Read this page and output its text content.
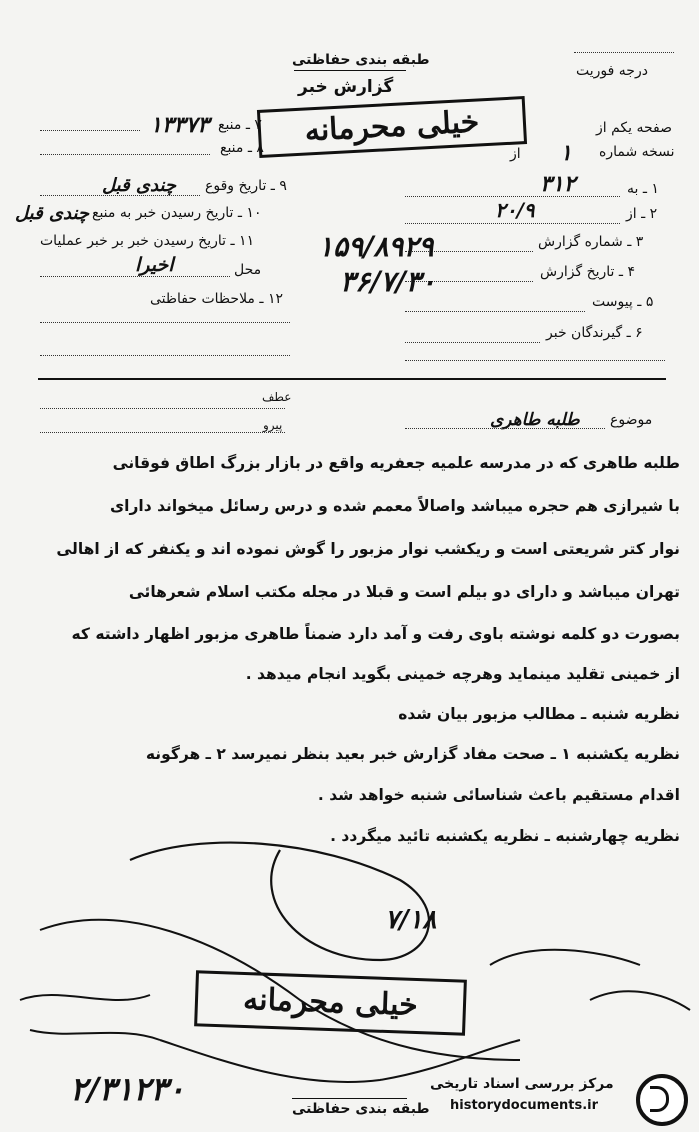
طبقه بندی حفاظتی
گزارش خبر
درجه فوریت
صفحه یکم از
نسخه شماره
از ۱
۱ ـ به
۳۱۲
۲ ـ از
۲۰/۹
۳ ـ شماره گزارش
۴ ـ تاریخ گزارش
۵ ـ پیوست
۶ ـ گیرندگان خبر
۷ ـ منبع
۱۳۳۷۳
۸ ـ منبع
۹ ـ تاریخ وقوع
چندی قبل
۱۰ ـ تاریخ رسیدن خبر به منبع
چندی قبل
۱۱ ـ تاریخ رسیدن خبر بر خبر عملیات
محل
اخیرا
۱۲ ـ ملاحظات حفاظتی
۱۵۹/۸۹۲۹
۳۶/۷/۳۰
خیلی محرمانه
عطف
پیرو	موضوع
طلبه طاهری
طلبه طاهری که در مدرسه علمیه جعفریه واقع در بازار بزرگ اطاق فوقانی
با شیرازی هم حجره میباشد واصالاً معمم شده و درس رسائل میخواند دارای
نوار کتر شریعتی است و ریکشب نوار مزبور را گوش نموده اند و یکنفر که از اهالی
تهران میباشد و دارای دو بیلم است و قبلا در مجله مکتب اسلام شعرهائی
بصورت دو کلمه نوشته باوی رفت و آمد دارد ضمناً طاهری مزبور اظهار داشته که
از خمینی تقلید مینماید وهرچه خمینی بگوید انجام میدهد .
نظریه شنبه ـ مطالب مزبور بیان شده
نظریه یکشنبه ۱ ـ صحت مفاد گزارش خبر بعید بنظر نمیرسد ۲ ـ هرگونه
اقدام مستقیم باعث شناسائی شنبه خواهد شد .
نظریه چهارشنبه ـ نظریه یکشنبه تائید میگردد .
۷/۱۸
خیلی محرمانه
۲/۳۱۲۳۰
طبقه بندی حفاظتی
مرکز بررسی اسناد تاریخی
historydocuments.ir
